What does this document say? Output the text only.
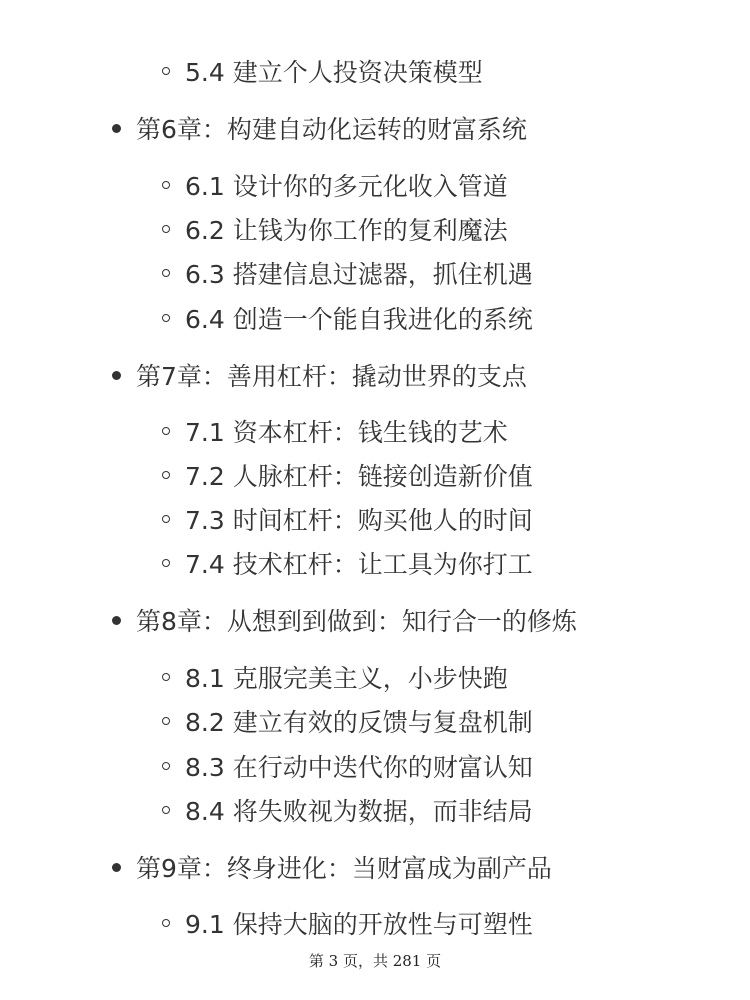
5.4 建立个人投资决策模型
第6章：构建自动化运转的财富系统
6.1 设计你的多元化收入管道
6.2 让钱为你工作的复利魔法
6.3 搭建信息过滤器，抓住机遇
6.4 创造一个能自我进化的系统
第7章：善用杠杆：撬动世界的支点
7.1 资本杠杆：钱生钱的艺术
7.2 人脉杠杆：链接创造新价值
7.3 时间杠杆：购买他人的时间
7.4 技术杠杆：让工具为你打工
第8章：从想到到做到：知行合一的修炼
8.1 克服完美主义，小步快跑
8.2 建立有效的反馈与复盘机制
8.3 在行动中迭代你的财富认知
8.4 将失败视为数据，而非结局
第9章：终身进化：当财富成为副产品
9.1 保持大脑的开放性与可塑性
第 3 页，共 281 页
